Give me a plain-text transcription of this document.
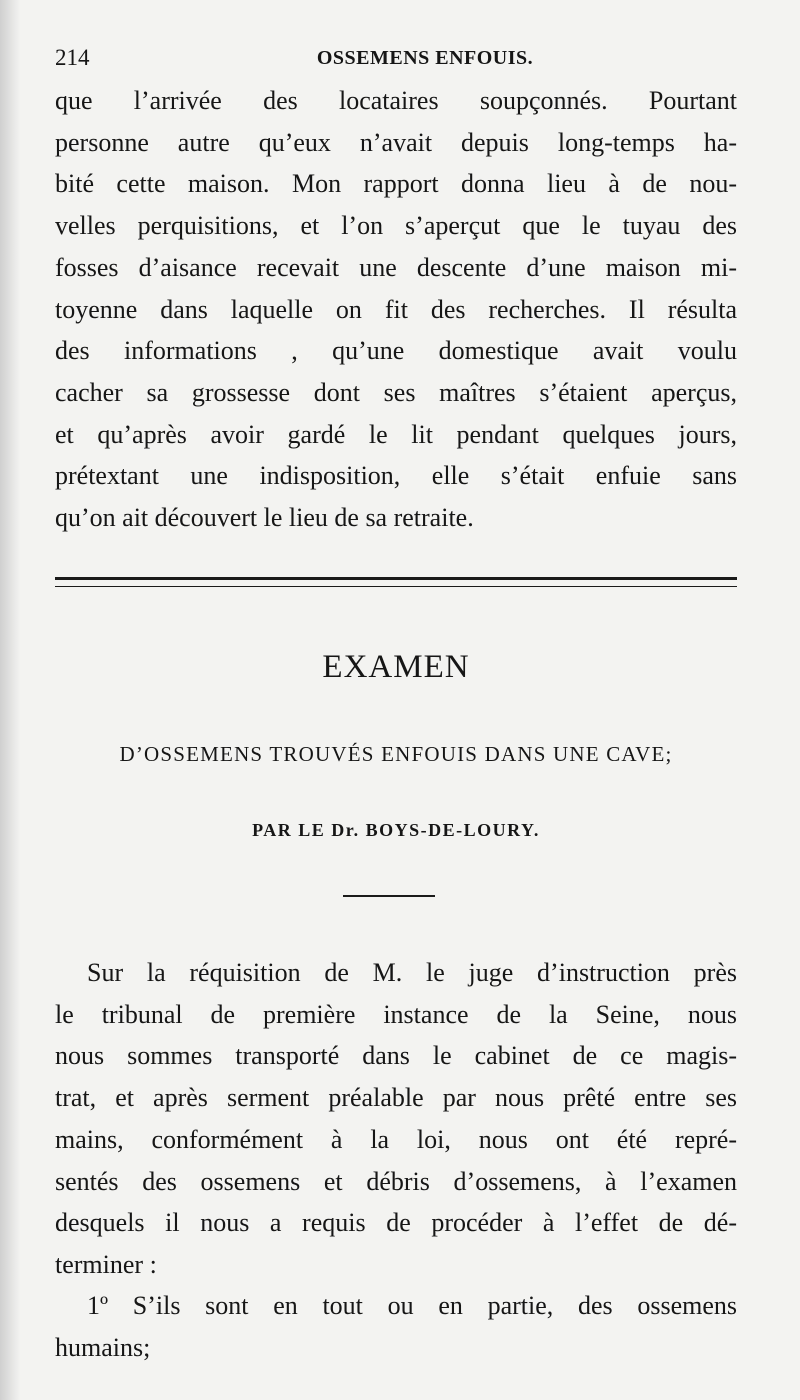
214	OSSEMENS ENFOUIS.
que l’arrivée des locataires soupçonnés. Pourtant
personne autre qu’eux n’avait depuis long-temps ha-
bité cette maison. Mon rapport donna lieu à de nou-
velles perquisitions, et l’on s’aperçut que le tuyau des
fosses d’aisance recevait une descente d’une maison mi-
toyenne dans laquelle on fit des recherches. Il résulta
des informations , qu’une domestique avait voulu
cacher sa grossesse dont ses maîtres s’étaient aperçus,
et qu’après avoir gardé le lit pendant quelques jours,
prétextant une indisposition, elle s’était enfuie sans
qu’on ait découvert le lieu de sa retraite.
EXAMEN
D’OSSEMENS TROUVÉS ENFOUIS DANS UNE CAVE;
PAR LE Dr. BOYS-DE-LOURY.
Sur la réquisition de M. le juge d’instruction près
le tribunal de première instance de la Seine, nous
nous sommes transporté dans le cabinet de ce magis-
trat, et après serment préalable par nous prêté entre ses
mains, conformément à la loi, nous ont été repré-
sentés des ossemens et débris d’ossemens, à l’examen
desquels il nous a requis de procéder à l’effet de dé-
terminer :
1º S’ils sont en tout ou en partie, des ossemens
humains;
